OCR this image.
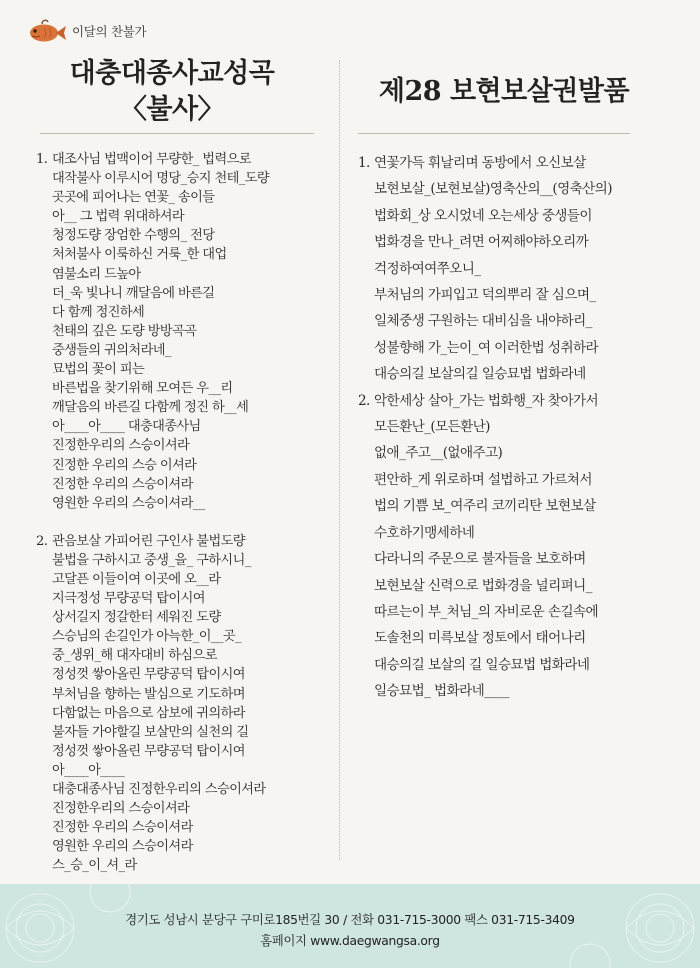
이달의 찬불가
대충대종사교성곡
〈불사〉
제28 보현보살권발품
1. 대조사님 법맥이어 무량한_ 법력으로
대작불사 이루시어 명당_승지 천테_도량
곳곳에 피어나는 연꽃_ 송이들
아__ 그 법력 위대하셔라
청정도량 장엄한 수행의_ 전당
처처불사 이룩하신 거룩_한 대업
염불소리 드높아
더_욱 빛나니 깨달음에 바른길
다 함께 정진하세
천태의 깊은 도량 방방곡곡
중생들의 귀의처라네_
묘법의 꽃이 피는
바른법을 찾기위해 모여든 우__리
깨달음의 바른길 다함께 정진 하__세
아____아____ 대충대종사님
진정한우리의 스승이셔라
진정한 우리의 스승 이셔라
진정한 우리의 스승이셔라
영원한 우리의 스승이셔라__
2. 관음보살 가피어린 구인사 불법도량
불법을 구하시고 중생_을_ 구하시니_
고달픈 이들이여 이곳에 오__라
지극정성 무량공덕 탑이시여
상서길지 정갈한터 세워진 도량
스승님의 손길인가 아늑한_이__곳_
중_생위_해 대자대비 하심으로
정성껏 쌓아올린 무량공덕 탑이시여
부처님을 향하는 발심으로 기도하며
다함없는 마음으로 삼보에 귀의하라
불자들 가야할길 보살만의 실천의 길
정성껏 쌓아올린 무량공덕 탑이시여
아____아____
대충대종사님 진정한우리의 스승이셔라
진정한우리의 스승이셔라
진정한 우리의 스승이셔라
영원한 우리의 스승이셔라
스_승_이_셔_라
1. 연꽃가득 휘날리며 동방에서 오신보살
보현보살_(보현보살)영축산의__(영축산의)
법화회_상 오시었네 오는세상 중생들이
법화경을 만나_려면 어찌해야하오리까
걱정하여여쭈오니_
부처님의 가피입고 덕의뿌리 잘 심으며_
일체중생 구원하는 대비심을 내야하리_
성불향해 가_는이_여 이러한법 성취하라
대승의길 보살의길 일승묘법 법화라네
2. 악한세상 살아_가는 법화행_자 찾아가서
모든환난_(모든환난)
없애_주고__(없애주고)
편안하_게 위로하며 설법하고 가르쳐서
법의 기쁨 보_여주리 코끼리탄 보현보살
수호하기맹세하네
다라니의 주문으로 불자들을 보호하며
보현보살 신력으로 법화경을 널리펴니_
따르는이 부_처님_의 자비로운 손길속에
도솔천의 미륵보살 정토에서 태어나리
대승의길 보살의 길 일승묘법 법화라네
일승묘법_ 법화라네____
경기도 성남시 분당구 구미로185번길 30 / 전화 031-715-3000 팩스 031-715-3409
홈페이지 www.daegwangsa.org
